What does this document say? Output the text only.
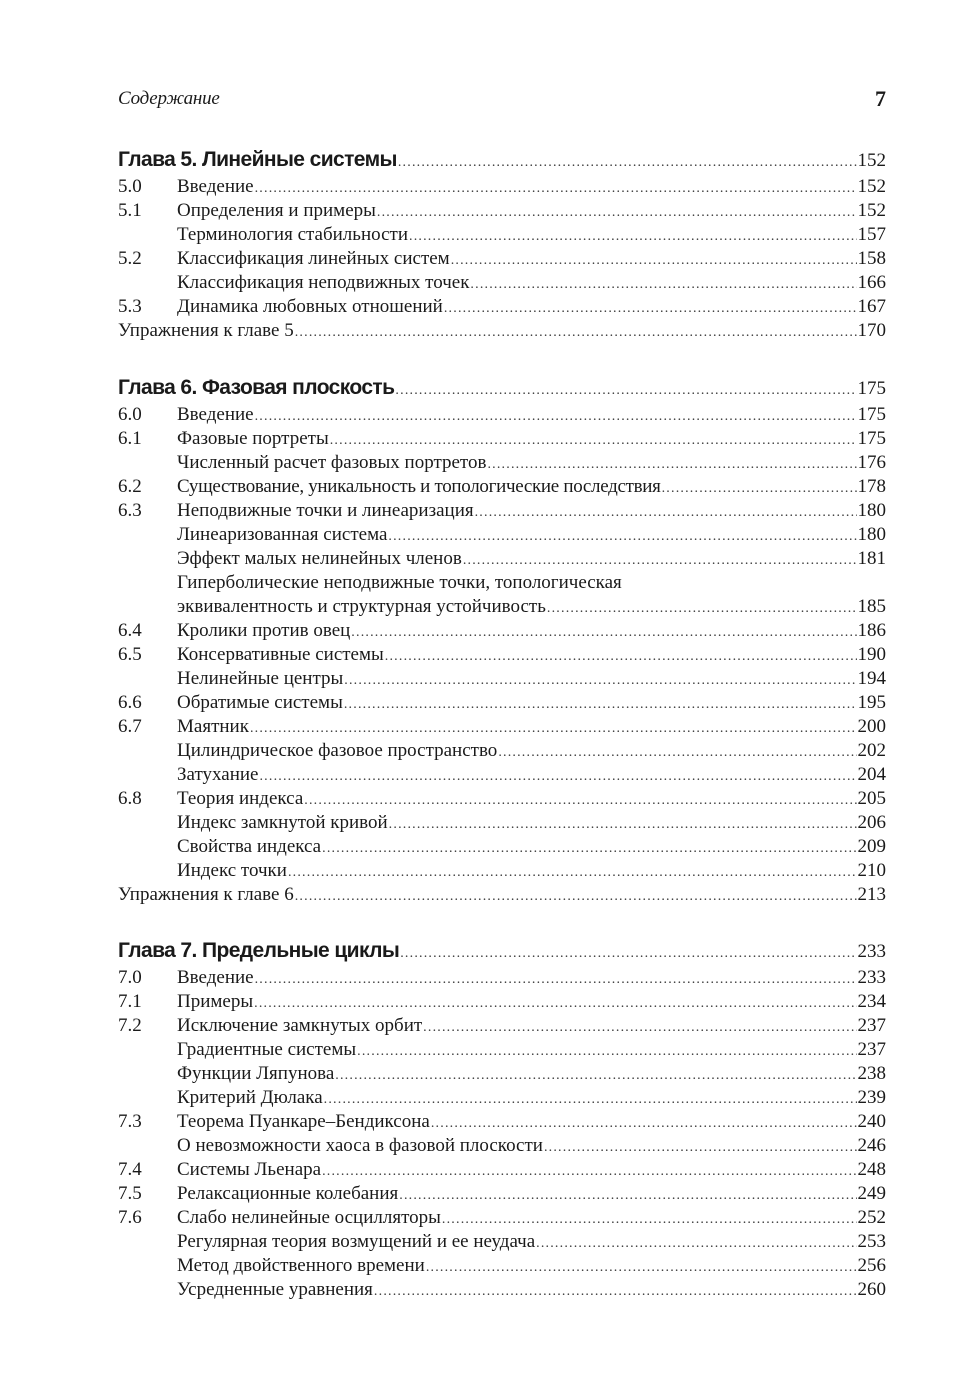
Содержание	7
Глава 5. Линейные системы .....	152
5.0	Введение .....	152
5.1	Определения и примеры .....	152
Терминология стабильности .....	157
5.2	Классификация линейных систем .....	158
Классификация неподвижных точек .....	166
5.3	Динамика любовных отношений .....	167
Упражнения к главе 5 .....	170
Глава 6. Фазовая плоскость .....	175
6.0	Введение .....	175
6.1	Фазовые портреты .....	175
Численный расчет фазовых портретов .....	176
6.2	Существование, уникальность и топологические последствия .....	178
6.3	Неподвижные точки и линеаризация .....	180
Линеаризованная система .....	180
Эффект малых нелинейных членов .....	181
Гиперболические неподвижные точки, топологическая
эквивалентность и структурная устойчивость .....	185
6.4	Кролики против овец .....	186
6.5	Консервативные системы .....	190
Нелинейные центры .....	194
6.6	Обратимые системы .....	195
6.7	Маятник .....	200
Цилиндрическое фазовое пространство .....	202
Затухание .....	204
6.8	Теория индекса .....	205
Индекс замкнутой кривой .....	206
Свойства индекса .....	209
Индекс точки .....	210
Упражнения к главе 6 .....	213
Глава 7. Предельные циклы .....	233
7.0	Введение .....	233
7.1	Примеры .....	234
7.2	Исключение замкнутых орбит .....	237
Градиентные системы .....	237
Функции Ляпунова .....	238
Критерий Дюлака .....	239
7.3	Теорема Пуанкаре–Бендиксона .....	240
О невозможности хаоса в фазовой плоскости .....	246
7.4	Системы Льенара .....	248
7.5	Релаксационные колебания .....	249
7.6	Слабо нелинейные осцилляторы .....	252
Регулярная теория возмущений и ее неудача .....	253
Метод двойственного времени .....	256
Усредненные уравнения .....	260
